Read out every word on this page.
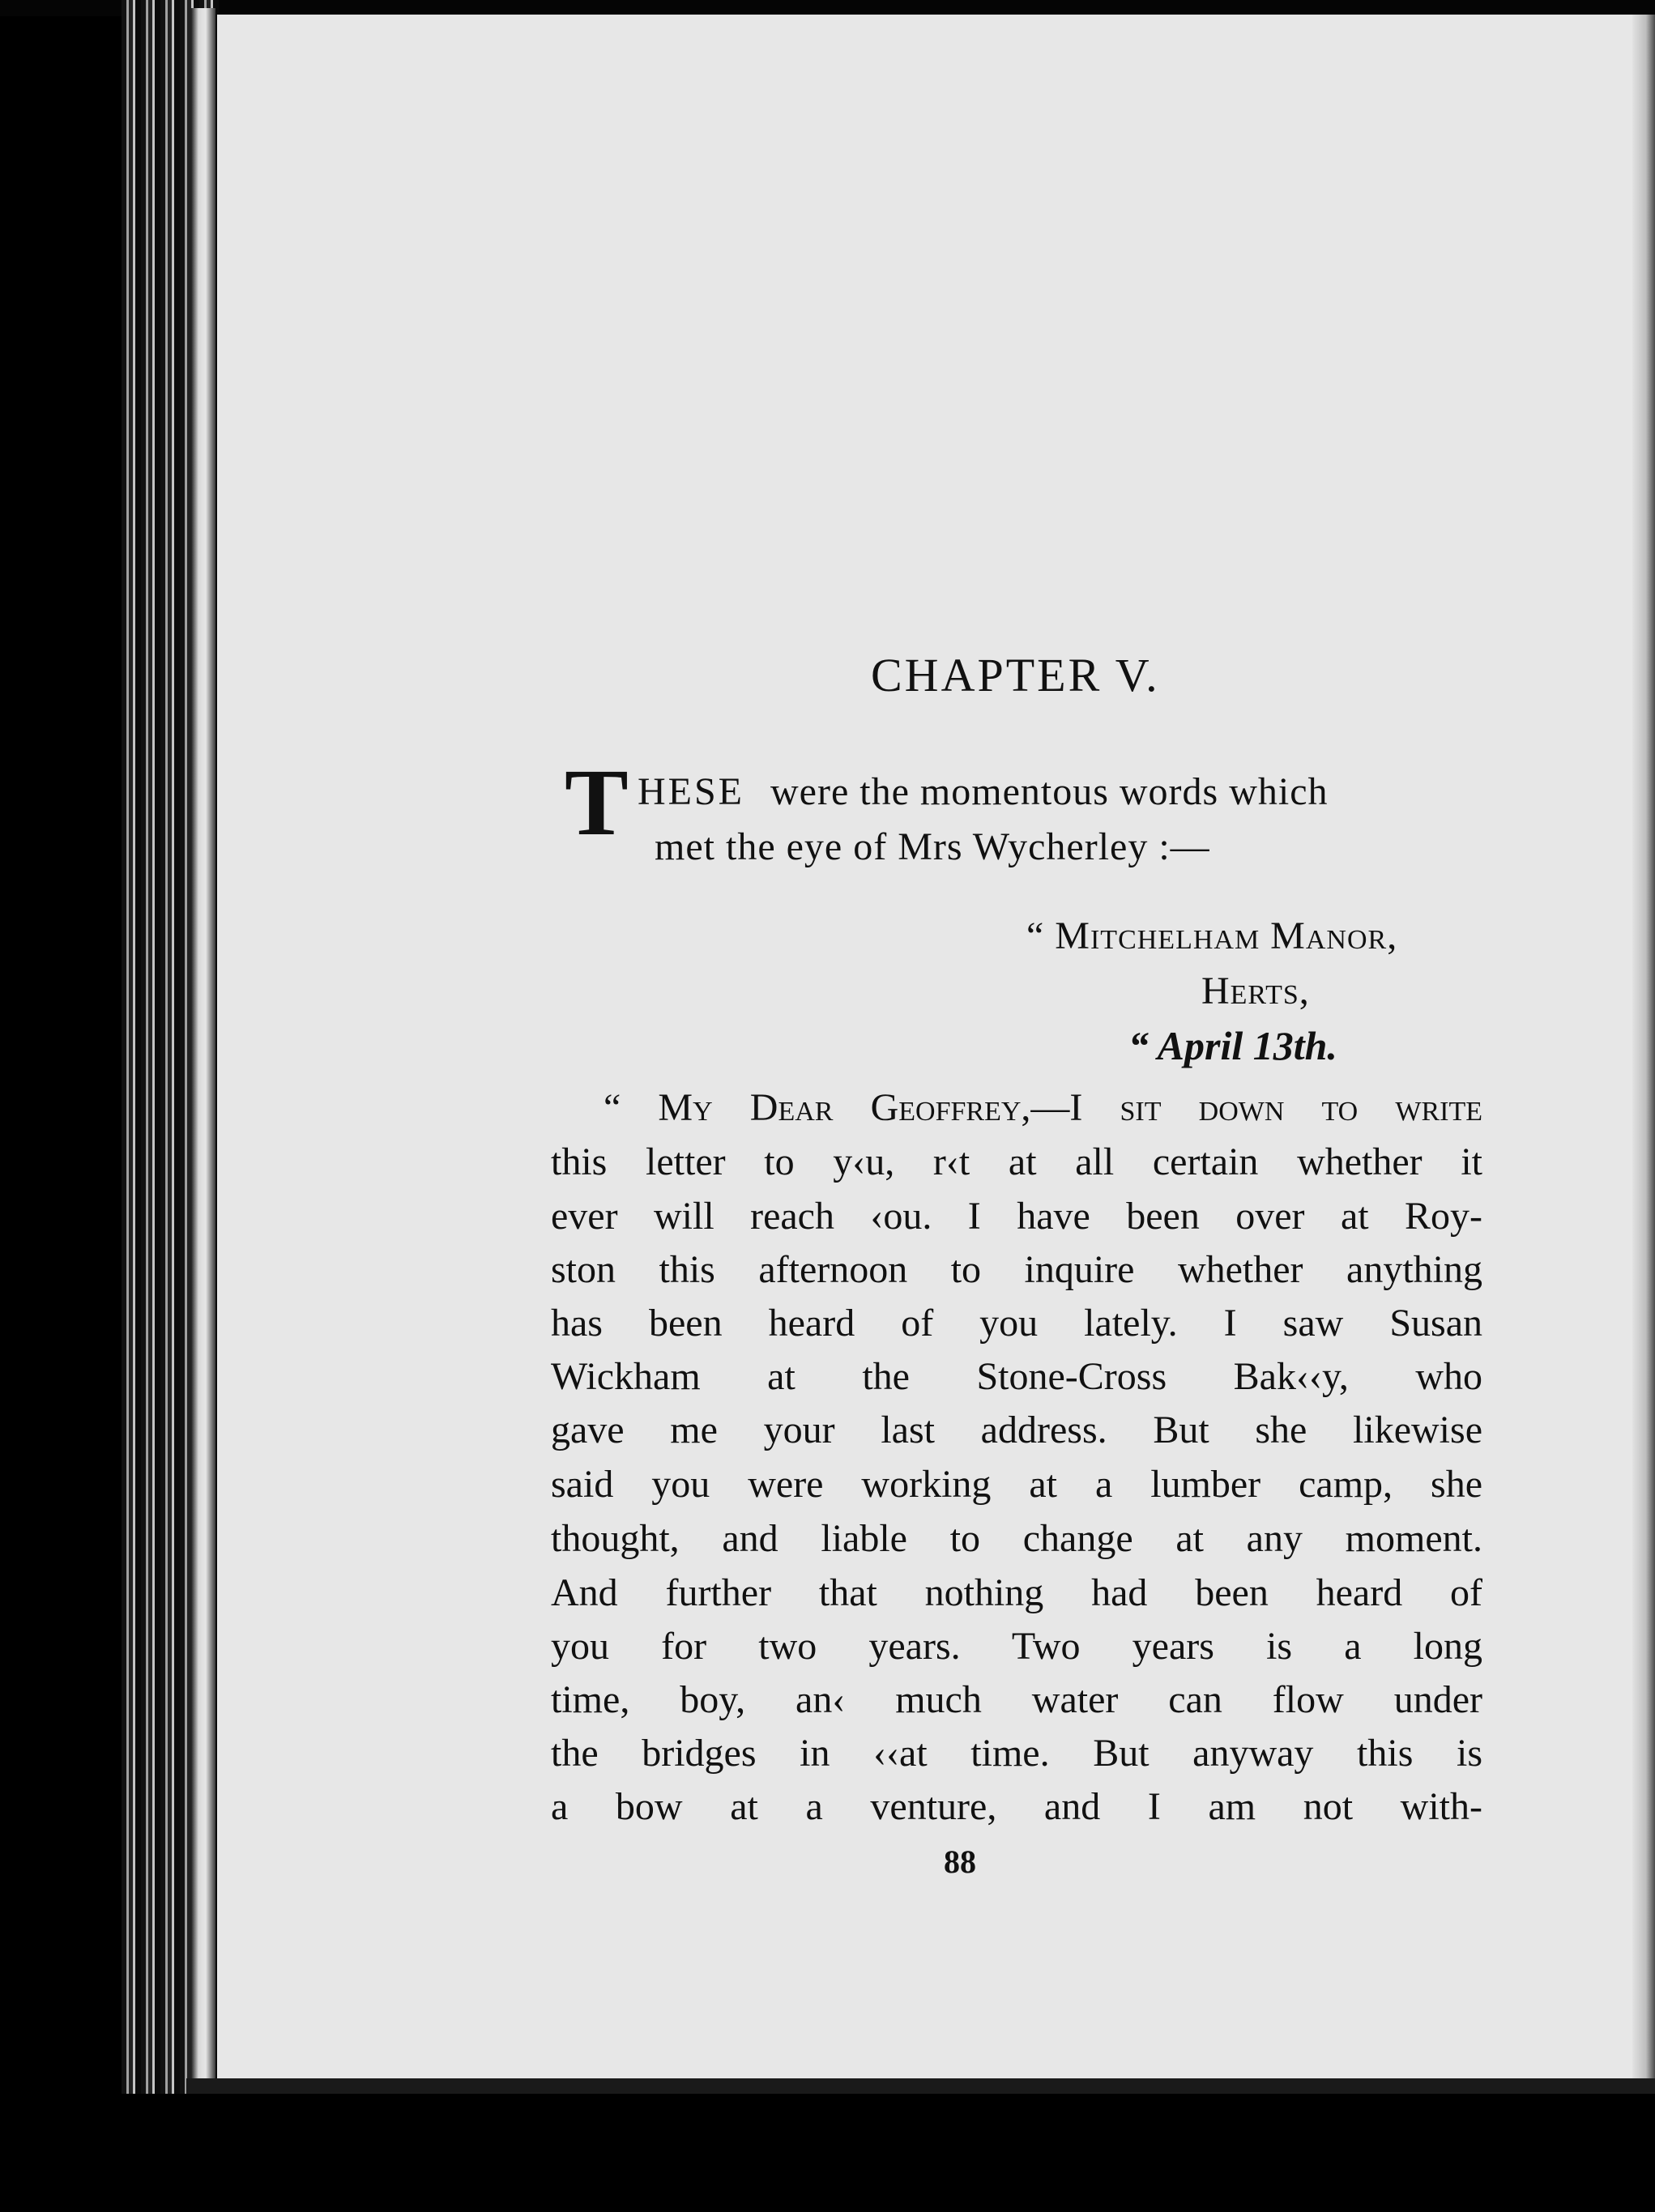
CHAPTER V.
T HESE were the momentous words which
met the eye of Mrs Wycherley :—
“ Mitchelham Manor,
Herts,
“ April 13th.
“ My Dear Geoffrey,—I sit down to write
this letter to y‹u, r‹t at all certain whether it
ever will reach ‹ou. I have been over at Roy-
ston this afternoon to inquire whether anything
has been heard of you lately. I saw Susan
Wickham at the Stone-Cross Bak‹‹y, who
gave me your last address. But she likewise
said you were working at a lumber camp, she
thought, and liable to change at any moment.
And further that nothing had been heard of
you for two years. Two years is a long
time, boy, an‹ much water can flow under
the bridges in ‹‹at time. But anyway this is
a bow at a venture, and I am not with-
88
